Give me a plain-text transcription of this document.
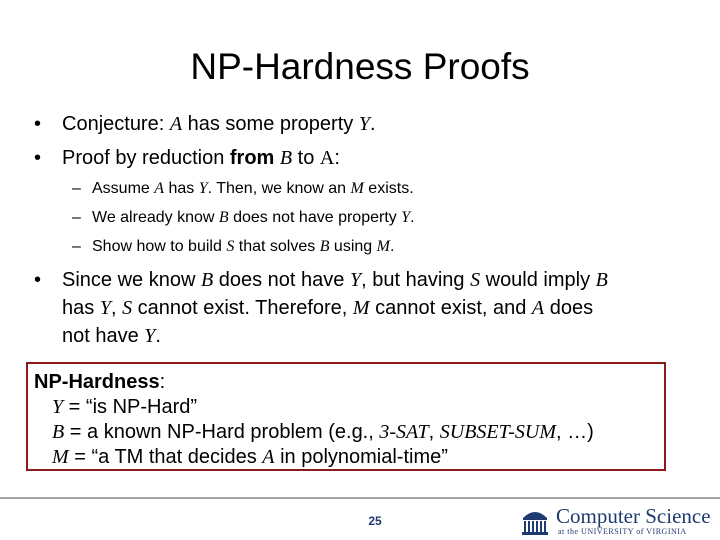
NP-Hardness Proofs
• Conjecture: A has some property Y.
• Proof by reduction from B to A:
– Assume A has Y. Then, we know an M exists.
– We already know B does not have property Y.
– Show how to build S that solves B using M.
• Since we know B does not have Y, but having S would imply B
has Y, S cannot exist. Therefore, M cannot exist, and A does
not have Y.
NP-Hardness:
Y = “is NP-Hard”
B = a known NP-Hard problem (e.g., 3-SAT, SUBSET-SUM, …)
M = “a TM that decides A in polynomial-time”
25	Computer Science
at the UNIVERSITY of VIRGINIA
